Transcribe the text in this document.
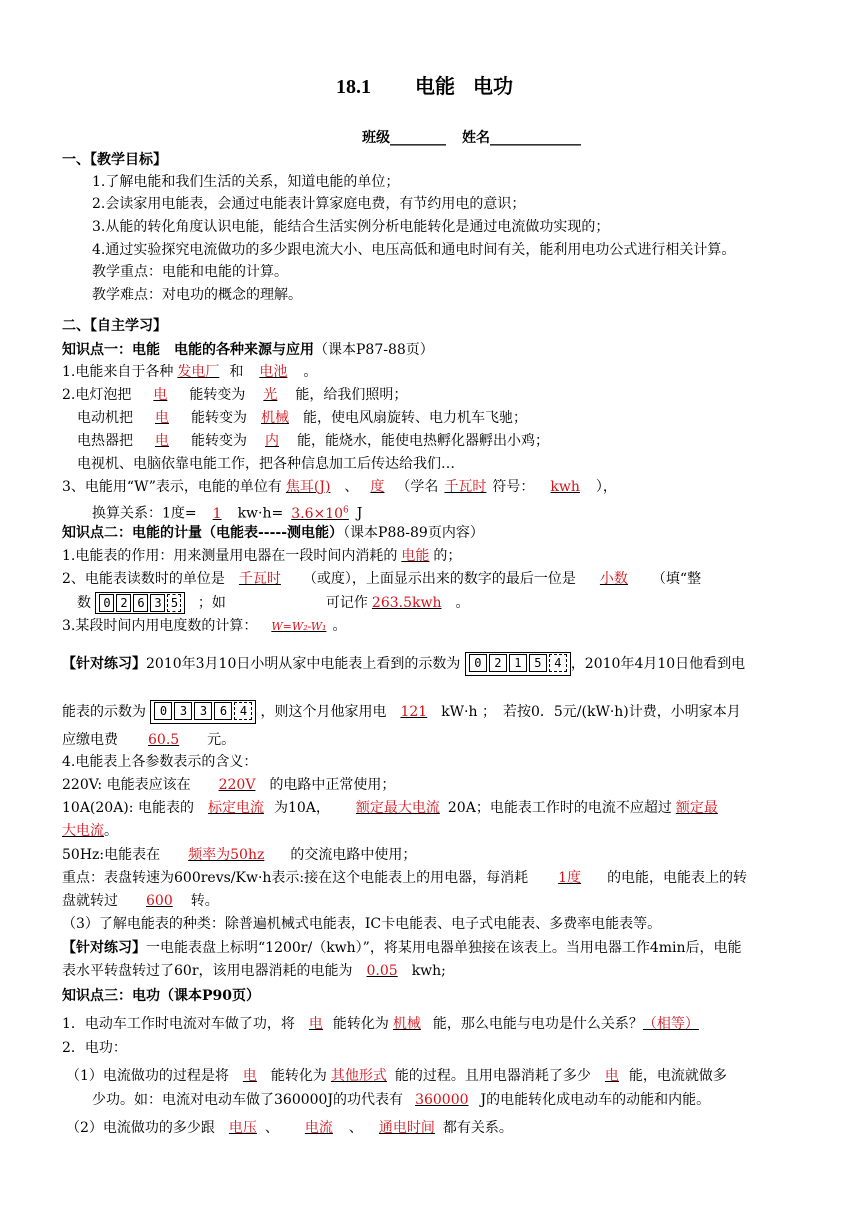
18.1 电能 电功
班级________ 姓名_____________
一、【教学目标】
1.了解电能和我们生活的关系，知道电能的单位；
2.会读家用电能表，会通过电能表计算家庭电费，有节约用电的意识；
3.从能的转化角度认识电能，能结合生活实例分析电能转化是通过电流做功实现的；
4.通过实验探究电流做功的多少跟电流大小、电压高低和通电时间有关，能利用电功公式进行相关计算。
教学重点：电能和电能的计算。
教学难点：对电功的概念的理解。
二、【自主学习】
知识点一：电能　电能的各种来源与应用（课本P87-88页）
1.电能来自于各种 发电厂 和 电池 。
2.电灯泡把 电 能转变为 光 能，给我们照明；
电动机把 电 能转变为 机械 能，使电风扇旋转、电力机车飞驰；
电热器把 电 能转变为 内 能，能烧水，能使电热孵化器孵出小鸡；
电视机、电脑依靠电能工作，把各种信息加工后传达给我们…
3、电能用“W”表示，电能的单位有 焦耳(J) 、 度 （学名 千瓦时 符号： kwh ），
换算关系：1度= 1 $kw\cdot h= 3.6\times 10^6$ J
知识点二：电能的计量（电能表-----测电能）（课本P88-89页内容）
1.电能表的作用：用来测量用电器在一段时间内消耗的 电能 的；
2、电能表读数时的单位是 千瓦时 （或度），上面显示出来的数字的最后一位是 小数 （填“整
数 0 2 6 3 5 ；如	可记作 263.5kwh 。
3.某段时间内用电度数的计算： W=W₂-W₁ 。
【针对练习】2010年3月10日小明从家中电能表上看到的示数为 0 2 1 5 4 ，2010年4月10日他看到电
能表的示数为 0 3 3 6 4 ，则这个月他家用电 121 kW·h ；　若按0．5元/(kW·h)计费，小明家本月
应缴电费 60.5 元。
4.电能表上各参数表示的含义：
220V: 电能表应该在 220V 的电路中正常使用；
10A(20A): 电能表的 标定电流 为10A， 额定最大电流 20A；电能表工作时的电流不应超过 额定最
大电流。
50Hz:电能表在 频率为50hz 的交流电路中使用；
重点：表盘转速为600revs/Kw·h表示:接在这个电能表上的用电器，每消耗 1度 的电能，电能表上的转
盘就转过 600 转。
（3）了解电能表的种类：除普遍机械式电能表，IC卡电能表、电子式电能表、多费率电能表等。
【针对练习】一电能表盘上标明“1200r/（kwh）”，将某用电器单独接在该表上。当用电器工作4min后，电能
表水平转盘转过了60r，该用电器消耗的电能为 0.05 kwh;
知识点三：电功（课本P90页）
1．电动车工作时电流对车做了功，将 电 能转化为 机械 能，那么电能与电功是什么关系？（相等）
2．电功：
（1）电流做功的过程是将 电 能转化为 其他形式 能的过程。且用电器消耗了多少 电 能，电流就做多
少功。如：电流对电动车做了360000J的功代表有 360000 J的电能转化成电动车的动能和内能。
（2）电流做功的多少跟 电压 、 电流 、 通电时间 都有关系。
